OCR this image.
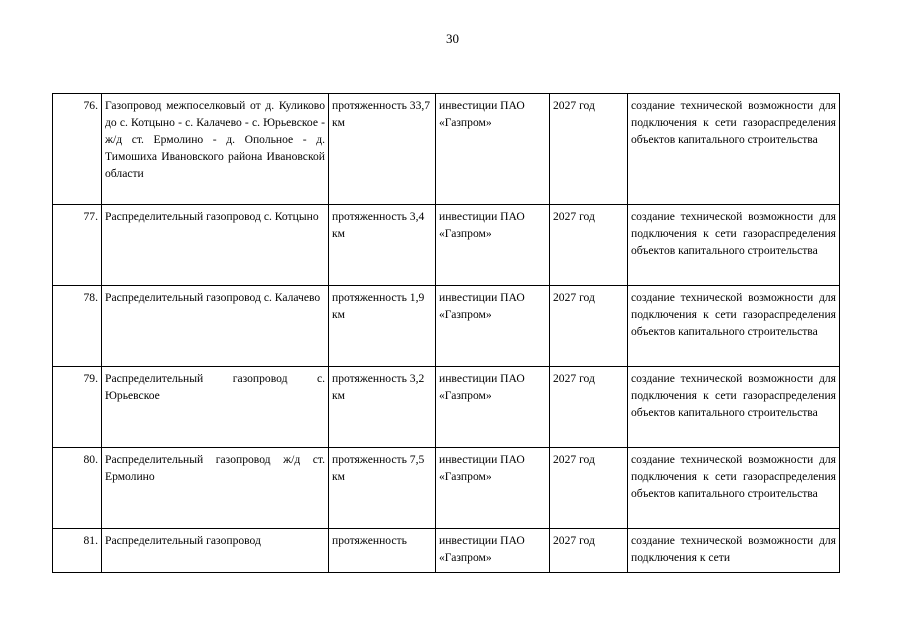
30
76.	Газопровод межпоселковый от д. Куликово до с. Котцыно - с. Калачево - с. Юрьевское - ж/д ст. Ермолино - д. Опольное - д. Тимошиха Ивановского района Ивановской области	протяженность 33,7 км	инвестиции ПАО «Газпром»	2027 год	создание технической возможности для подключения к сети газораспределения объектов капитального строительства
77.	Распределительный газопровод с. Котцыно	протяженность 3,4 км	инвестиции ПАО «Газпром»	2027 год	создание технической возможности для подключения к сети газораспределения объектов капитального строительства
78.	Распределительный газопровод с. Калачево	протяженность 1,9 км	инвестиции ПАО «Газпром»	2027 год	создание технической возможности для подключения к сети газораспределения объектов капитального строительства
79.	Распределительный газопровод с. Юрьевское	протяженность 3,2 км	инвестиции ПАО «Газпром»	2027 год	создание технической возможности для подключения к сети газораспределения объектов капитального строительства
80.	Распределительный газопровод ж/д ст. Ермолино	протяженность 7,5 км	инвестиции ПАО «Газпром»	2027 год	создание технической возможности для подключения к сети газораспределения объектов капитального строительства
81.	Распределительный газопровод	протяженность	инвестиции ПАО «Газпром»	2027 год	создание технической возможности для подключения к сети
